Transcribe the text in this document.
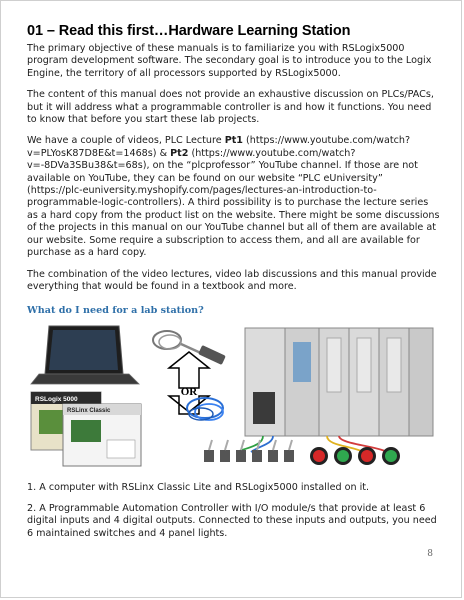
01 – Read this first…Hardware Learning Station

The primary objective of these manuals is to familiarize you with RSLogix5000 program development software. The secondary goal is to introduce you to the Logix Engine, the territory of all processors supported by RSLogix5000.

The content of this manual does not provide an exhaustive discussion on PLCs/PACs, but it will address what a programmable controller is and how it functions. You need to know that before you start these lab projects.

We have a couple of videos, PLC Lecture Pt1 (https://www.youtube.com/watch?v=PLYosK87D8E&t=1468s) & Pt2 (https://www.youtube.com/watch?v=-8DVa3SBu38&t=68s), on the “plcprofessor” YouTube channel. If those are not available on YouTube, they can be found on our website “PLC eUniversity” (https://plc-euniversity.myshopify.com/pages/lectures-an-introduction-to-programmable-logic-controllers). A third possibility is to purchase the lecture series as a hard copy from the product list on the website. There might be some discussions of the projects in this manual on our YouTube channel but all of them are available at our website. Some require a subscription to access them, and all are available for purchase as a hard copy.

The combination of the video lectures, video lab discussions and this manual provide everything that would be found in a textbook and more.

What do I need for a lab station?
OR
RSLogix 5000
RSLinx Classic

1. A computer with RSLinx Classic Lite and RSLogix5000 installed on it.

2. A Programmable Automation Controller with I/O module/s that provide at least 6 digital inputs and 4 digital outputs. Connected to these inputs and outputs, you need 6 maintained switches and 4 panel lights.

8
